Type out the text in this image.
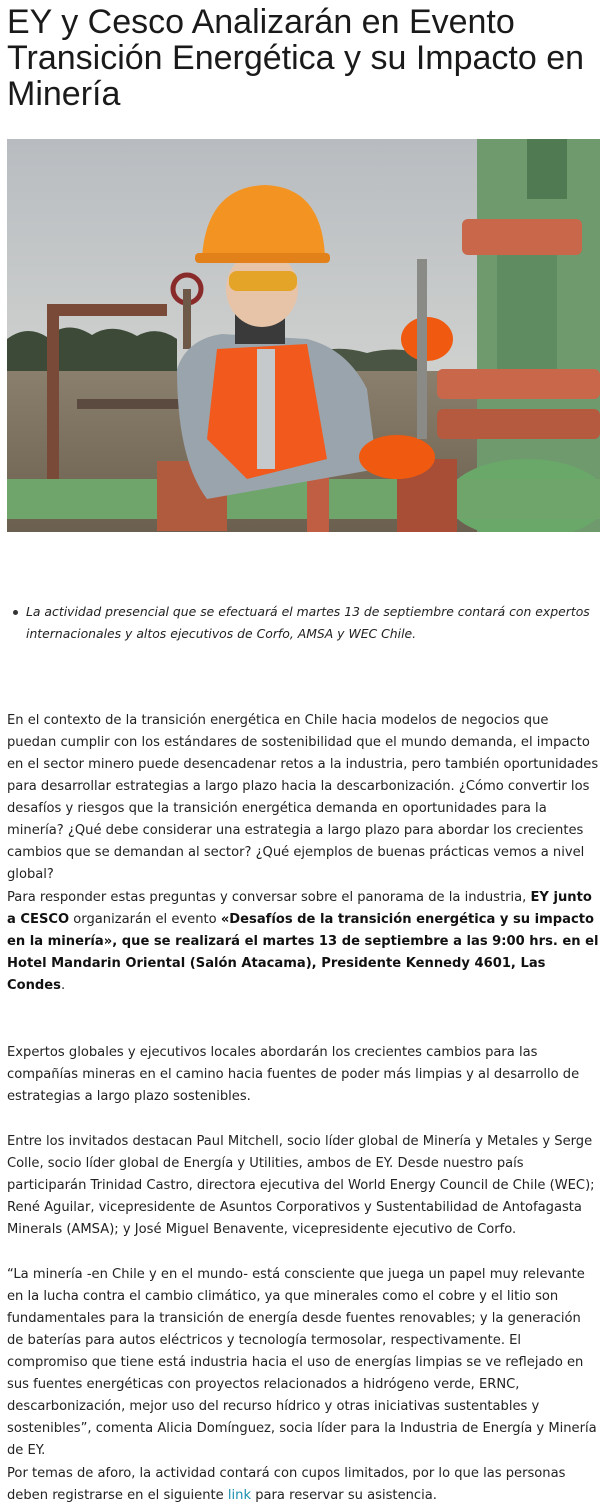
EY y Cesco Analizarán en Evento Transición Energética y su Impacto en Minería
La actividad presencial que se efectuará el martes 13 de septiembre contará con expertos internacionales y altos ejecutivos de Corfo, AMSA y WEC Chile.

En el contexto de la transición energética en Chile hacia modelos de negocios que puedan cumplir con los estándares de sostenibilidad que el mundo demanda, el impacto en el sector minero puede desencadenar retos a la industria, pero también oportunidades para desarrollar estrategias a largo plazo hacia la descarbonización. ¿Cómo convertir los desafíos y riesgos que la transición energética demanda en oportunidades para la minería? ¿Qué debe considerar una estrategia a largo plazo para abordar los crecientes cambios que se demandan al sector? ¿Qué ejemplos de buenas prácticas vemos a nivel global?

Para responder estas preguntas y conversar sobre el panorama de la industria, EY junto a CESCO organizarán el evento «Desafíos de la transición energética y su impacto en la minería», que se realizará el martes 13 de septiembre a las 9:00 hrs. en el Hotel Mandarin Oriental (Salón Atacama), Presidente Kennedy 4601, Las Condes.

Expertos globales y ejecutivos locales abordarán los crecientes cambios para las compañías mineras en el camino hacia fuentes de poder más limpias y al desarrollo de estrategias a largo plazo sostenibles.

Entre los invitados destacan Paul Mitchell, socio líder global de Minería y Metales y Serge Colle, socio líder global de Energía y Utilities, ambos de EY. Desde nuestro país participarán Trinidad Castro, directora ejecutiva del World Energy Council de Chile (WEC); René Aguilar, vicepresidente de Asuntos Corporativos y Sustentabilidad de Antofagasta Minerals (AMSA); y José Miguel Benavente, vicepresidente ejecutivo de Corfo.

“La minería -en Chile y en el mundo- está consciente que juega un papel muy relevante en la lucha contra el cambio climático, ya que minerales como el cobre y el litio son fundamentales para la transición de energía desde fuentes renovables; y la generación de baterías para autos eléctricos y tecnología termosolar, respectivamente. El compromiso que tiene está industria hacia el uso de energías limpias se ve reflejado en sus fuentes energéticas con proyectos relacionados a hidrógeno verde, ERNC, descarbonización, mejor uso del recurso hídrico y otras iniciativas sustentables y sostenibles”, comenta Alicia Domínguez, socia líder para la Industria de Energía y Minería de EY.

Por temas de aforo, la actividad contará con cupos limitados, por lo que las personas deben registrarse en el siguiente link para reservar su asistencia.
